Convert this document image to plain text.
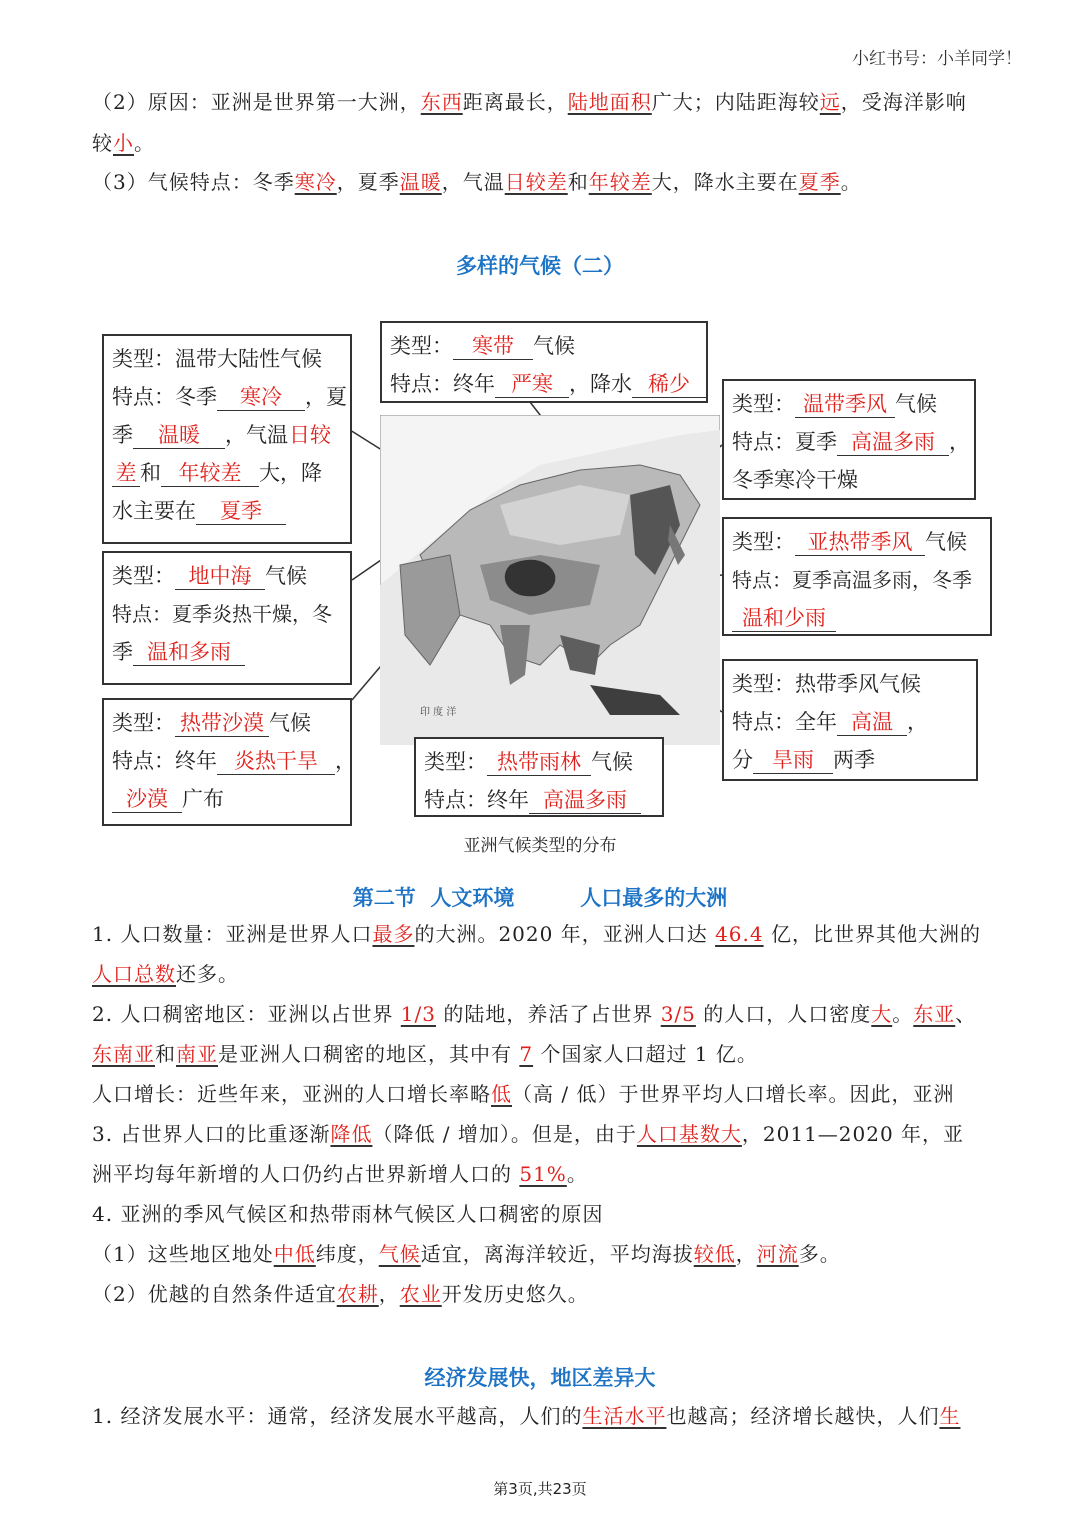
小红书号：小羊同学！
（2）原因：亚洲是世界第一大洲，东西距离最长，陆地面积广大；内陆距海较远，受海洋影响
较小。
（3）气候特点：冬季寒冷，夏季温暖，气温日较差和年较差大，降水主要在夏季。
多样的气候（二）
印 度 洋
类型：温带大陆性气候
特点：冬季 寒冷 ，夏
季 温暖 ，气温日较
差 和 年较差 大，降
水主要在 夏季
类型： 寒带 气候
特点：终年 严寒 ，降水 稀少
类型： 温带季风 气候
特点：夏季 高温多雨 ，
冬季寒冷干燥
类型： 地中海 气候
特点：夏季炎热干燥，冬
季 温和多雨
类型： 亚热带季风 气候
特点：夏季高温多雨，冬季
温和少雨
类型： 热带沙漠 气候
特点：终年 炎热干旱 ，
沙漠 广布
类型：热带季风气候
特点：全年 高温 ，
分 旱雨 两季
类型： 热带雨林 气候
特点：终年 高温多雨
亚洲气候类型的分布
第二节  人文环境         人口最多的大洲
1. 人口数量：亚洲是世界人口最多的大洲。2020 年，亚洲人口达 46.4 亿，比世界其他大洲的
人口总数还多。
2. 人口稠密地区：亚洲以占世界 1/3 的陆地，养活了占世界 3/5 的人口，人口密度大。东亚、
东南亚和南亚是亚洲人口稠密的地区，其中有 7 个国家人口超过 1 亿。
人口增长：近些年来，亚洲的人口增长率略低（高 / 低）于世界平均人口增长率。因此，亚洲
3. 占世界人口的比重逐渐降低（降低 / 增加）。但是，由于人口基数大，2011—2020 年，亚
洲平均每年新增的人口仍约占世界新增人口的 51%。
4. 亚洲的季风气候区和热带雨林气候区人口稠密的原因
（1）这些地区地处中低纬度，气候适宜，离海洋较近，平均海拔较低，河流多。
（2）优越的自然条件适宜农耕，农业开发历史悠久。
经济发展快，地区差异大
1. 经济发展水平：通常，经济发展水平越高，人们的生活水平也越高；经济增长越快，人们生
第3页,共23页
